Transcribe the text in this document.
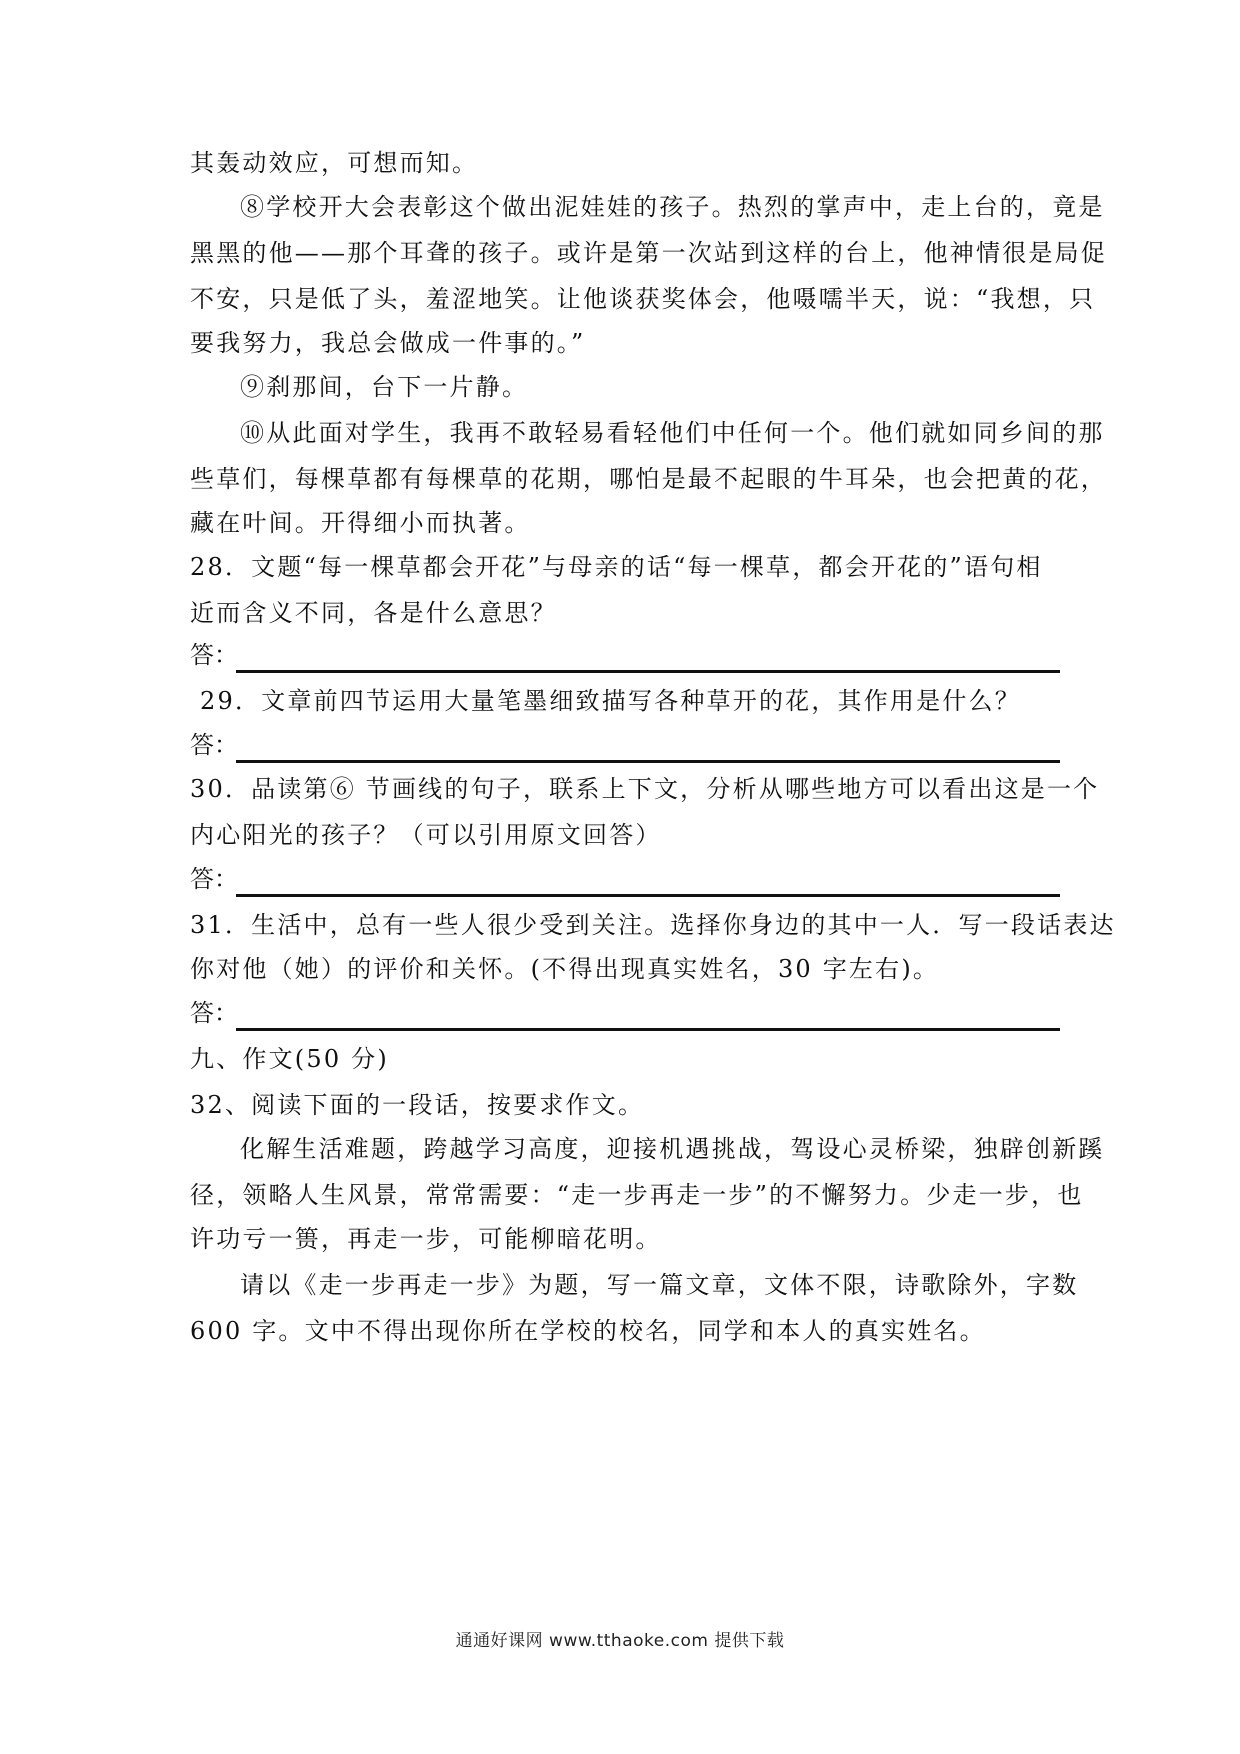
其轰动效应，可想而知。
⑧学校开大会表彰这个做出泥娃娃的孩子。热烈的掌声中，走上台的，竟是
黑黑的他——那个耳聋的孩子。或许是第一次站到这样的台上，他神情很是局促
不安，只是低了头，羞涩地笑。让他谈获奖体会，他嗫嚅半天，说：“我想，只
要我努力，我总会做成一件事的。”
⑨刹那间，台下一片静。
⑩从此面对学生，我再不敢轻易看轻他们中任何一个。他们就如同乡间的那
些草们，每棵草都有每棵草的花期，哪怕是最不起眼的牛耳朵，也会把黄的花，
藏在叶间。开得细小而执著。
28．文题“每一棵草都会开花”与母亲的话“每一棵草，都会开花的”语句相
近而含义不同，各是什么意思？
答：
29．文章前四节运用大量笔墨细致描写各种草开的花，其作用是什么？
答：
30．品读第⑥ 节画线的句子，联系上下文，分析从哪些地方可以看出这是一个
内心阳光的孩子？（可以引用原文回答）
答：
31．生活中，总有一些人很少受到关注。选择你身边的其中一人．写一段话表达
你对他（她）的评价和关怀。(不得出现真实姓名，30 字左右)。
答：
九、作文(50 分)
32、阅读下面的一段话，按要求作文。
化解生活难题，跨越学习高度，迎接机遇挑战，驾设心灵桥梁，独辟创新蹊
径，领略人生风景，常常需要：“走一步再走一步”的不懈努力。少走一步，也
许功亏一篑，再走一步，可能柳暗花明。
请以《走一步再走一步》为题，写一篇文章，文体不限，诗歌除外，字数
600 字。文中不得出现你所在学校的校名，同学和本人的真实姓名。
通通好课网 www.tthaoke.com 提供下载
